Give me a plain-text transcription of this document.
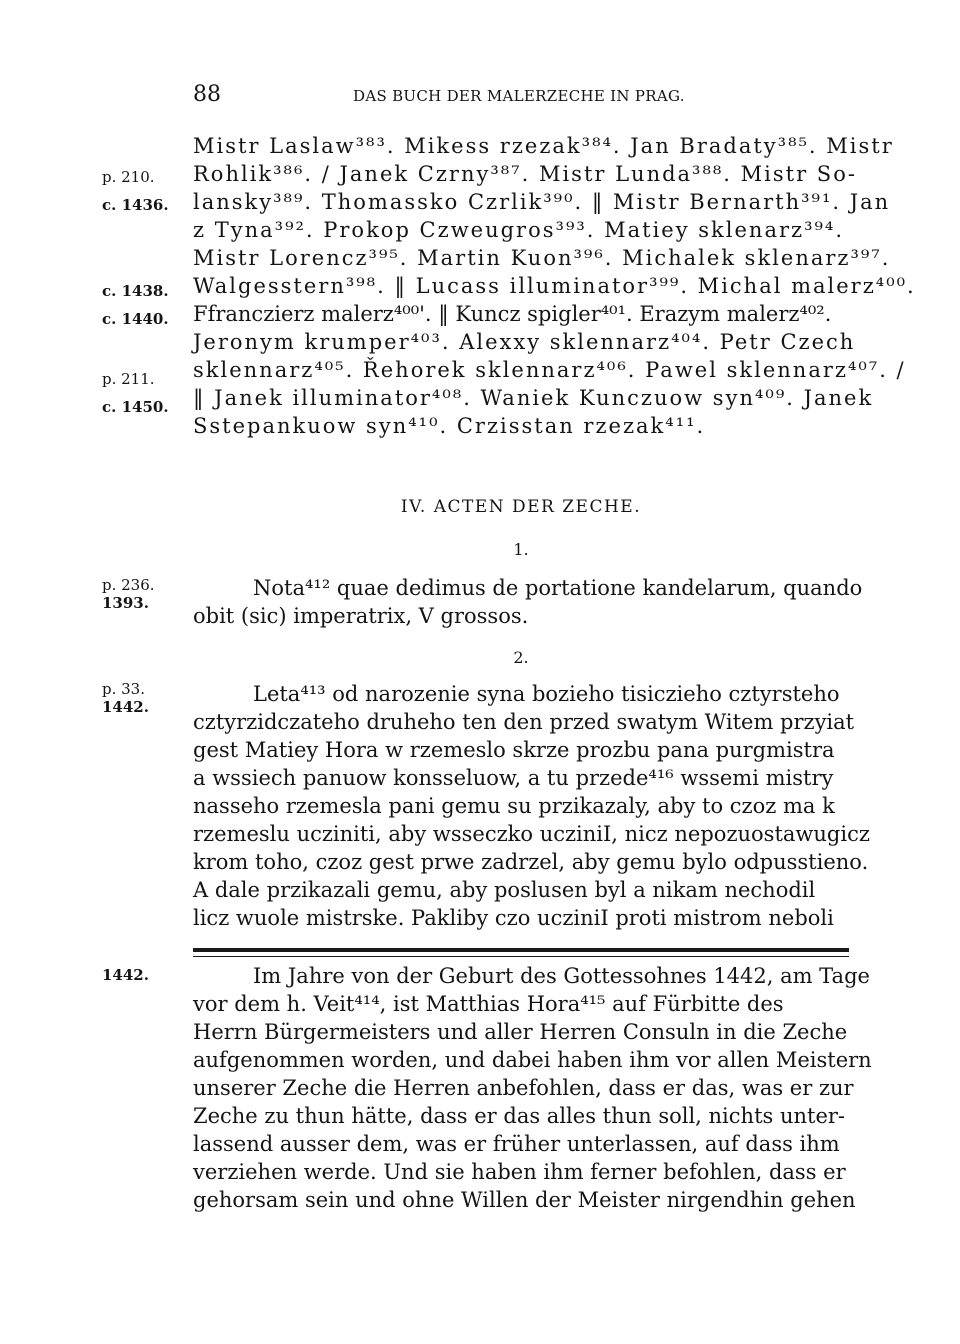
88	DAS BUCH DER MALERZECHE IN PRAG.
p. 210.
c. 1436.
c. 1438.
c. 1440.
p. 211.
c. 1450.
p. 236.
1393.
p. 33.
1442.
1442.
Mistr Laslaw³⁸³. Mikess rzezak³⁸⁴. Jan Bradaty³⁸⁵. Mistr
Rohlik³⁸⁶. / Janek Czrny³⁸⁷. Mistr Lunda³⁸⁸. Mistr So-
lansky³⁸⁹. Thomassko Czrlik³⁹⁰. ‖ Mistr Bernarth³⁹¹. Jan
z Tyna³⁹². Prokop Czweugros³⁹³. Matiey sklenarz³⁹⁴.
Mistr Lorencz³⁹⁵. Martin Kuon³⁹⁶. Michalek sklenarz³⁹⁷.
Walgesstern³⁹⁸. ‖ Lucass illuminator³⁹⁹. Michal malerz⁴⁰⁰.
Ffranczierz malerz⁴⁰⁰'. ‖ Kuncz spigler⁴⁰¹. Erazym malerz⁴⁰².
Jeronym krumper⁴⁰³. Alexxy sklennarz⁴⁰⁴. Petr Czech
sklennarz⁴⁰⁵. Řehorek sklennarz⁴⁰⁶. Pawel sklennarz⁴⁰⁷. /
‖ Janek illuminator⁴⁰⁸. Waniek Kunczuow syn⁴⁰⁹. Janek
Sstepankuow syn⁴¹⁰. Crzisstan rzezak⁴¹¹.
IV. ACTEN DER ZECHE.
1.
Nota⁴¹² quae dedimus de portatione kandelarum, quando
obit (sic) imperatrix, V grossos.
2.
Leta⁴¹³ od narozenie syna bozieho tisiczieho cztyrsteho
cztyrzidczateho druheho ten den przed swatym Witem przyiat
gest Matiey Hora w rzemeslo skrze prozbu pana purgmistra
a wssiech panuow konsseluow, a tu przede⁴¹⁶ wssemi mistry
nasseho rzemesla pani gemu su przikazaly, aby to czoz ma k
rzemeslu ucziniti, aby wsseczko ucziniI, nicz nepozuostawugicz
krom toho, czoz gest prwe zadrzel, aby gemu bylo odpusstieno.
A dale przikazali gemu, aby poslusen byl a nikam nechodil
licz wuole mistrske. Pakliby czo ucziniI proti mistrom neboli
Im Jahre von der Geburt des Gottessohnes 1442, am Tage
vor dem h. Veit⁴¹⁴, ist Matthias Hora⁴¹⁵ auf Fürbitte des
Herrn Bürgermeisters und aller Herren Consuln in die Zeche
aufgenommen worden, und dabei haben ihm vor allen Meistern
unserer Zeche die Herren anbefohlen, dass er das, was er zur
Zeche zu thun hätte, dass er das alles thun soll, nichts unter-
lassend ausser dem, was er früher unterlassen, auf dass ihm
verziehen werde. Und sie haben ihm ferner befohlen, dass er
gehorsam sein und ohne Willen der Meister nirgendhin gehen
